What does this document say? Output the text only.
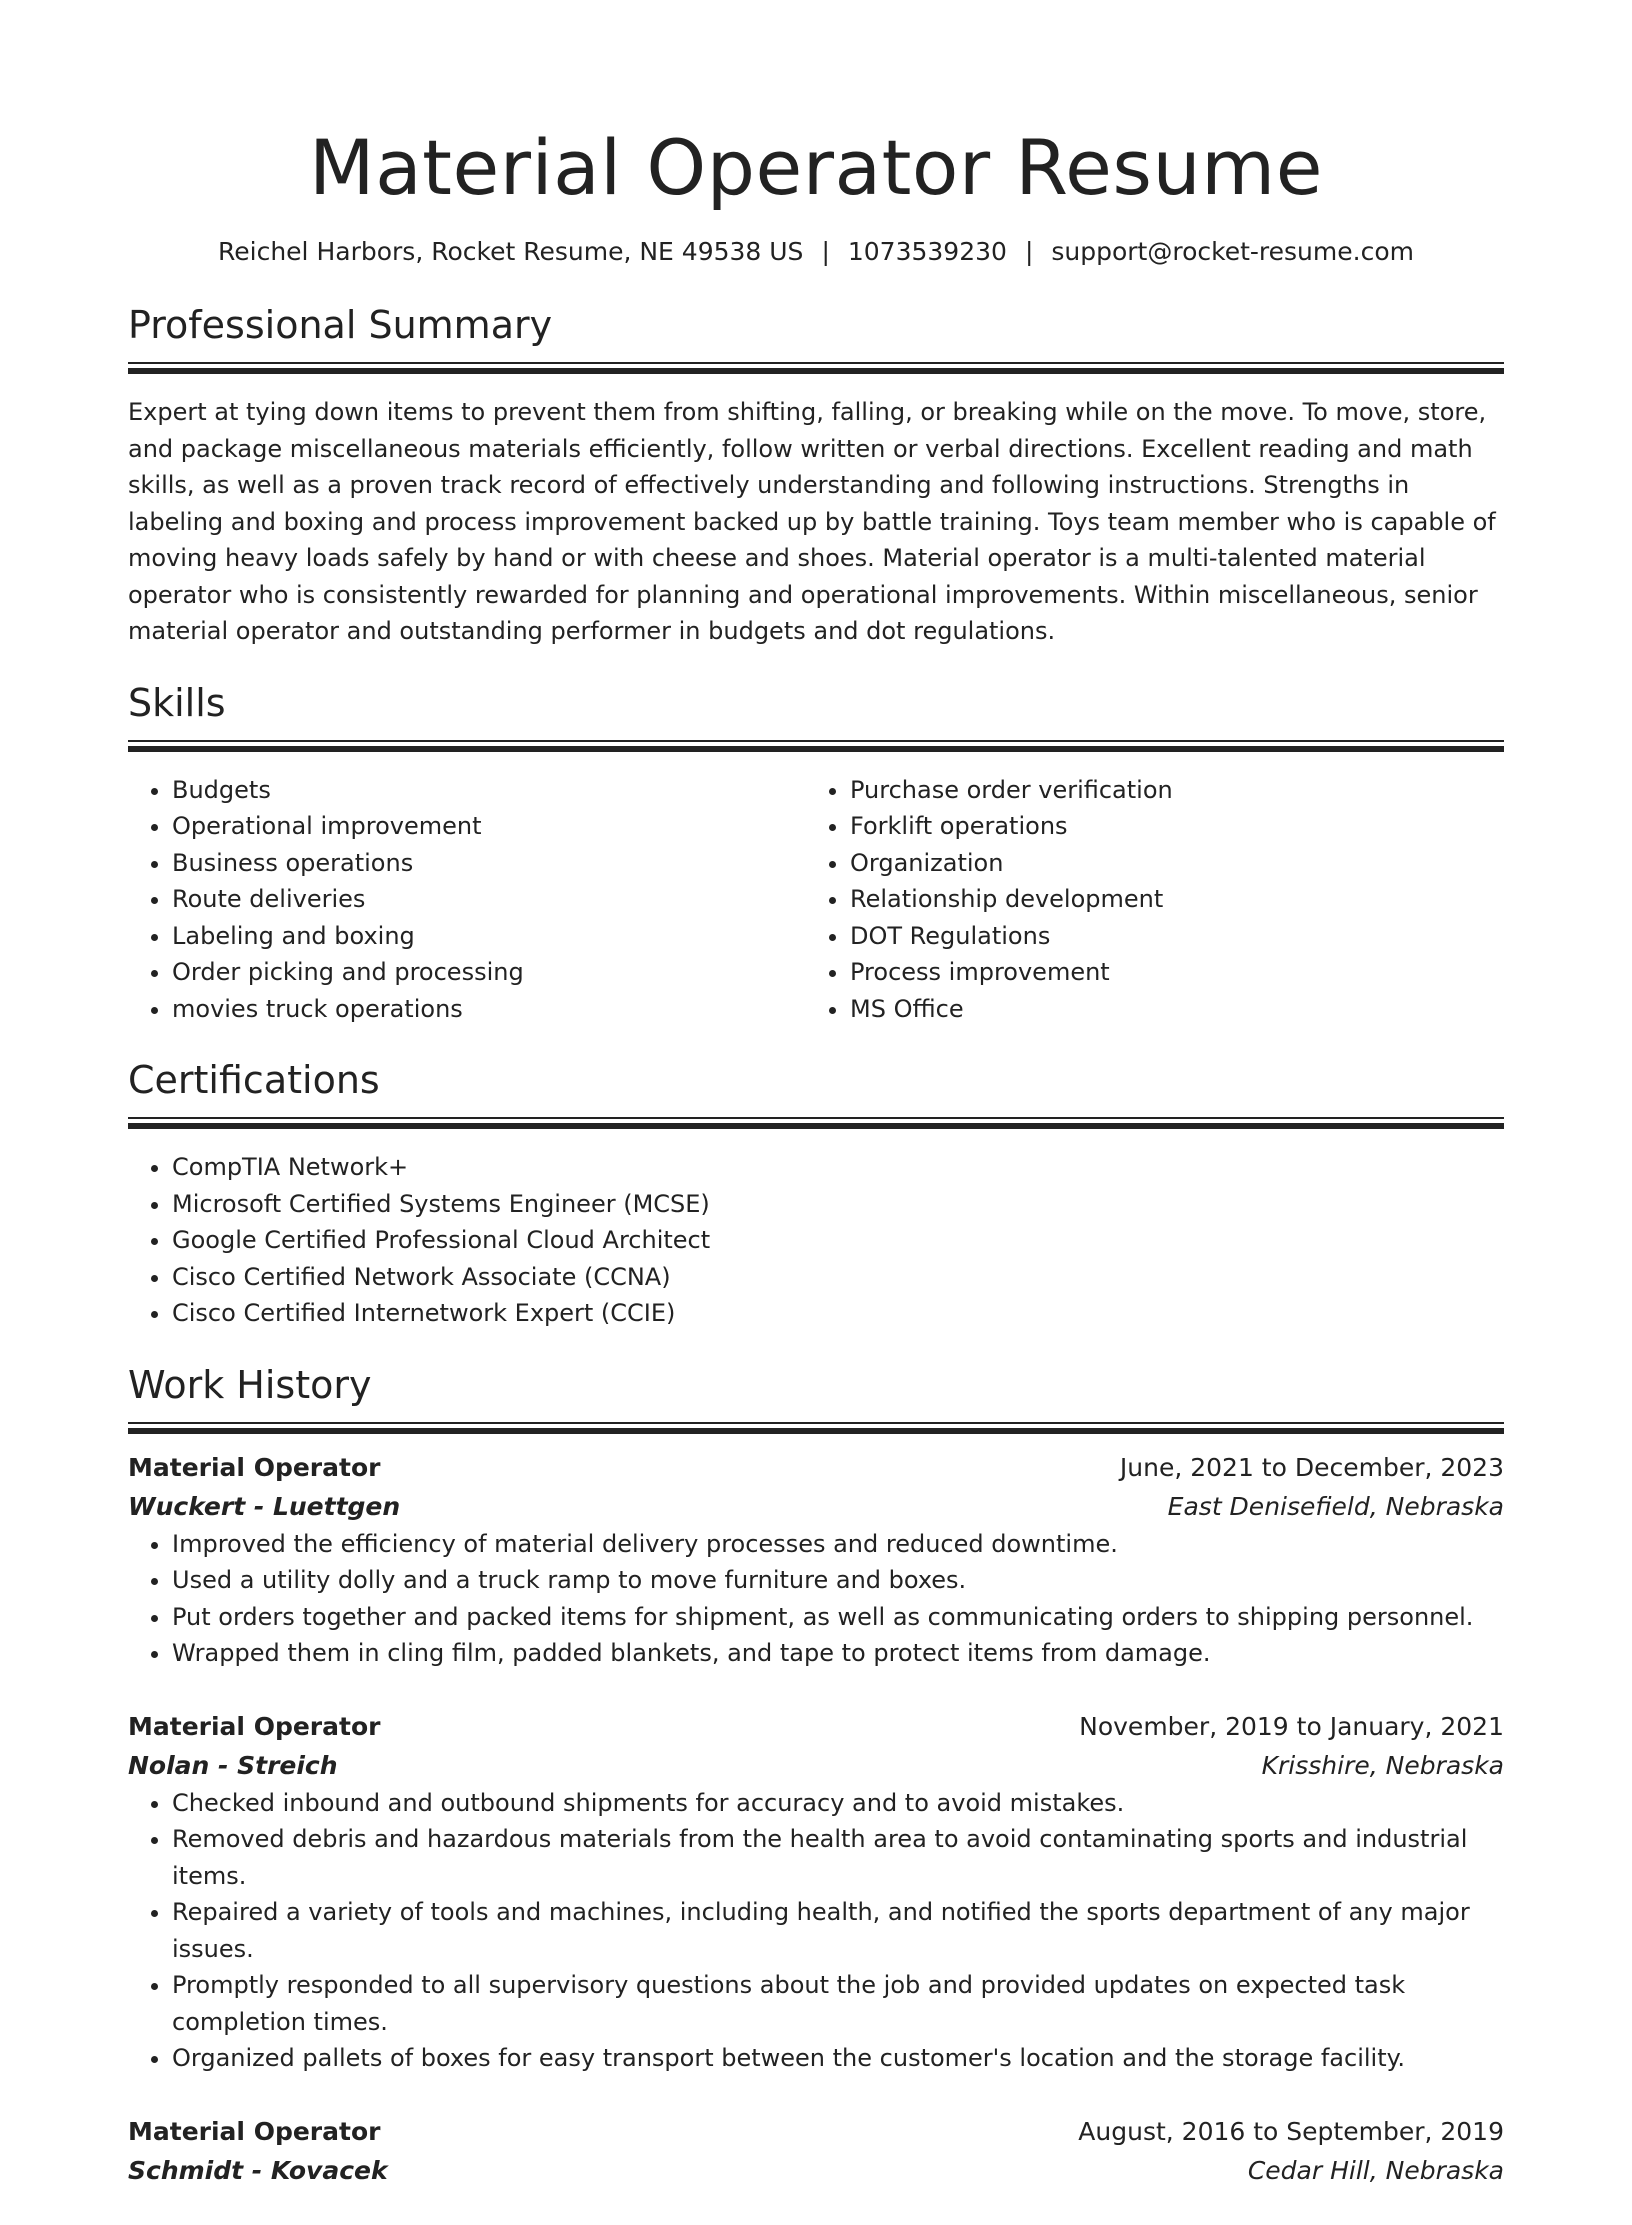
Material Operator Resume
Reichel Harbors, Rocket Resume, NE 49538 US | 1073539230 | support@rocket-resume.com
Professional Summary

Expert at tying down items to prevent them from shifting, falling, or breaking while on the move. To move, store, and package miscellaneous materials efficiently, follow written or verbal directions. Excellent reading and math skills, as well as a proven track record of effectively understanding and following instructions. Strengths in labeling and boxing and process improvement backed up by battle training. Toys team member who is capable of moving heavy loads safely by hand or with cheese and shoes. Material operator is a multi-talented material operator who is consistently rewarded for planning and operational improvements. Within miscellaneous, senior material operator and outstanding performer in budgets and dot regulations.

Skills
• Budgets
• Operational improvement
• Business operations
• Route deliveries
• Labeling and boxing
• Order picking and processing
• movies truck operations
• Purchase order verification
• Forklift operations
• Organization
• Relationship development
• DOT Regulations
• Process improvement
• MS Office
Certifications
• CompTIA Network+
• Microsoft Certified Systems Engineer (MCSE)
• Google Certified Professional Cloud Architect
• Cisco Certified Network Associate (CCNA)
• Cisco Certified Internetwork Expert (CCIE)
Work History
Material Operator	June, 2021 to December, 2023
Wuckert - Luettgen	East Denisefield, Nebraska
• Improved the efficiency of material delivery processes and reduced downtime.
• Used a utility dolly and a truck ramp to move furniture and boxes.
• Put orders together and packed items for shipment, as well as communicating orders to shipping personnel.
• Wrapped them in cling film, padded blankets, and tape to protect items from damage.
Material Operator	November, 2019 to January, 2021
Nolan - Streich	Krisshire, Nebraska
• Checked inbound and outbound shipments for accuracy and to avoid mistakes.
• Removed debris and hazardous materials from the health area to avoid contaminating sports and industrial items.
• Repaired a variety of tools and machines, including health, and notified the sports department of any major issues.
• Promptly responded to all supervisory questions about the job and provided updates on expected task completion times.
• Organized pallets of boxes for easy transport between the customer's location and the storage facility.
Material Operator	August, 2016 to September, 2019
Schmidt - Kovacek	Cedar Hill, Nebraska
